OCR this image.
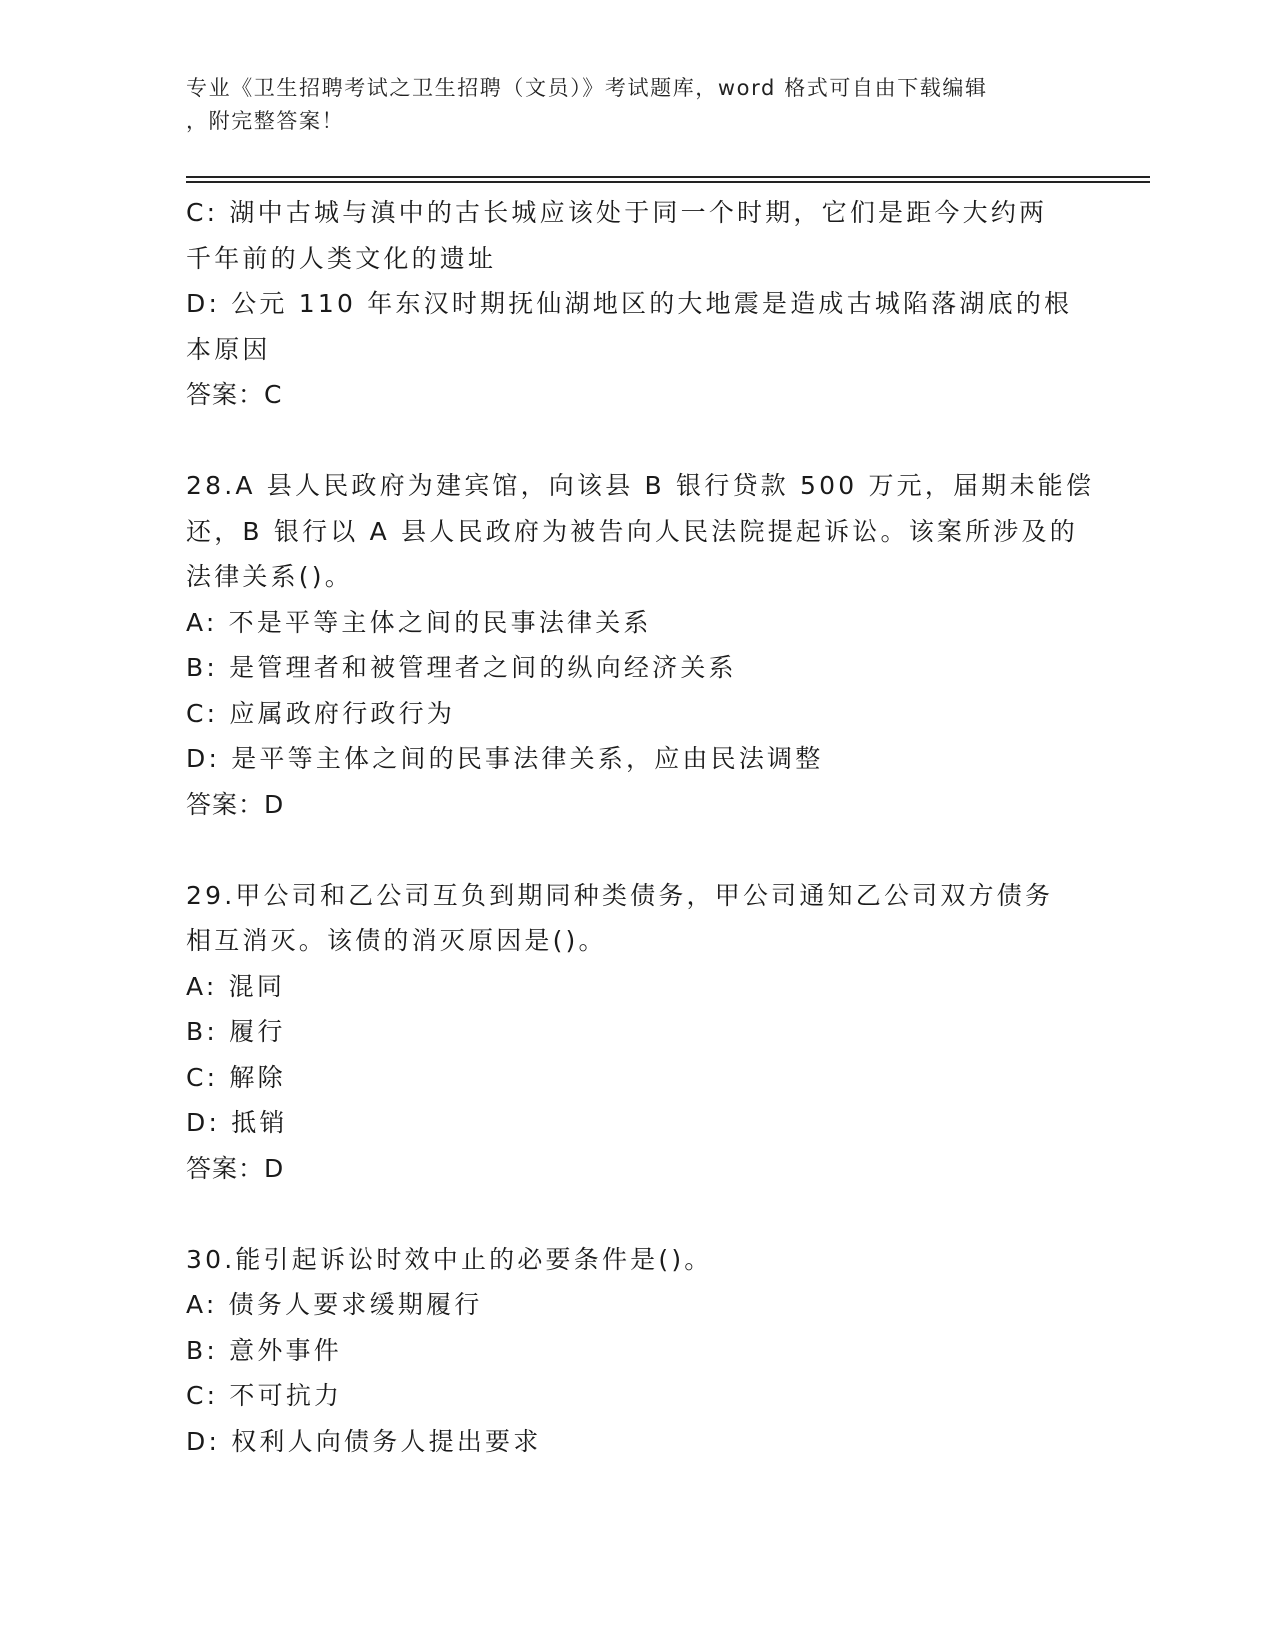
专业《卫生招聘考试之卫生招聘（文员）》考试题库，word 格式可自由下载编辑
，附完整答案！
C: 湖中古城与滇中的古长城应该处于同一个时期，它们是距今大约两
千年前的人类文化的遗址
D: 公元 110 年东汉时期抚仙湖地区的大地震是造成古城陷落湖底的根
本原因
答案：C
28.A 县人民政府为建宾馆，向该县 B 银行贷款 500 万元，届期未能偿
还，B 银行以 A 县人民政府为被告向人民法院提起诉讼。该案所涉及的
法律关系()。
A: 不是平等主体之间的民事法律关系
B: 是管理者和被管理者之间的纵向经济关系
C: 应属政府行政行为
D: 是平等主体之间的民事法律关系，应由民法调整
答案：D
29.甲公司和乙公司互负到期同种类债务，甲公司通知乙公司双方债务
相互消灭。该债的消灭原因是()。
A: 混同
B: 履行
C: 解除
D: 抵销
答案：D
30.能引起诉讼时效中止的必要条件是()。
A: 债务人要求缓期履行
B: 意外事件
C: 不可抗力
D: 权利人向债务人提出要求
